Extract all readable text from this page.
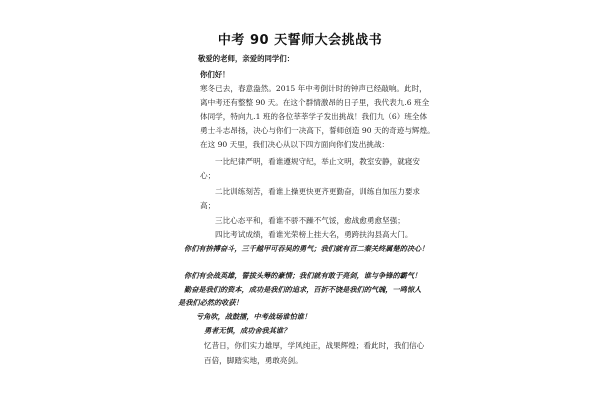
中考 90 天誓师大会挑战书
敬爱的老师，亲爱的同学们：
你们好！
寒冬已去，春意盎然。2015 年中考倒计时的钟声已经敲响。此时，
离中考还有整整 90 天。在这个群情激昂的日子里，我代表九.6 班全
体同学，特向九.1 班的各位莘莘学子发出挑战！我们九（6）班全体
勇士斗志昂扬，决心与你们一决高下，誓师创造 90 天的奇迹与辉煌。
在这 90 天里，我们决心从以下四方面向你们发出挑战：
一比纪律严明，看谁遵规守纪，举止文明，教室安静，就寝安
心；
二比训练刻苦，看谁上操更快更齐更勤奋，训练自加压力要求
高；
三比心态平和，看谁不骄不躁不气馁，愈战愈勇愈坚强；
四比考试成绩，看谁光荣榜上挂大名，勇跨扶沟县高大门。
你们有拚搏奋斗，三千越甲可吞吴的勇气；我们就有百二秦关终属楚的决心！
你们有会战英雄，誓拔头筹的豪情；我们就有敢于亮剑，谁与争锋的霸气！
勤奋是我们的资本，成功是我们的追求，百折不饶是我们的气魄，一鸣惊人
是我们必然的收获！
亏角吹，战鼓擂，中考战场谁怕谁！
勇者无惧，成功舍我其谁？
忆昔日，你们实力雄厚，学风纯正，战果辉煌；看此时，我们信心
百倍，脚踏实地，勇敢亮剑。
